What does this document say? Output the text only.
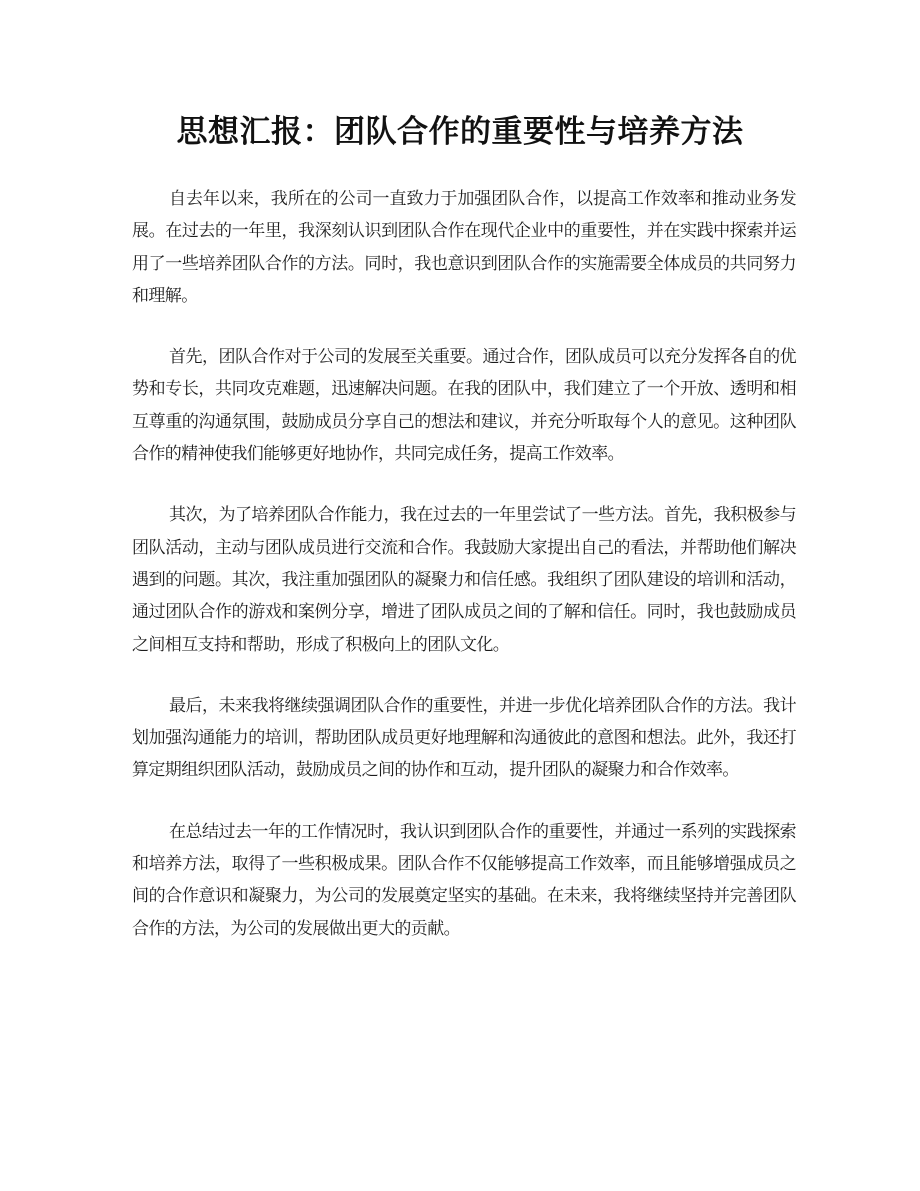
思想汇报：团队合作的重要性与培养方法

自去年以来，我所在的公司一直致力于加强团队合作，以提高工作效率和推动业务发展。在过去的一年里，我深刻认识到团队合作在现代企业中的重要性，并在实践中探索并运用了一些培养团队合作的方法。同时，我也意识到团队合作的实施需要全体成员的共同努力和理解。

首先，团队合作对于公司的发展至关重要。通过合作，团队成员可以充分发挥各自的优势和专长，共同攻克难题，迅速解决问题。在我的团队中，我们建立了一个开放、透明和相互尊重的沟通氛围，鼓励成员分享自己的想法和建议，并充分听取每个人的意见。这种团队合作的精神使我们能够更好地协作，共同完成任务，提高工作效率。

其次，为了培养团队合作能力，我在过去的一年里尝试了一些方法。首先，我积极参与团队活动，主动与团队成员进行交流和合作。我鼓励大家提出自己的看法，并帮助他们解决遇到的问题。其次，我注重加强团队的凝聚力和信任感。我组织了团队建设的培训和活动，通过团队合作的游戏和案例分享，增进了团队成员之间的了解和信任。同时，我也鼓励成员之间相互支持和帮助，形成了积极向上的团队文化。

最后，未来我将继续强调团队合作的重要性，并进一步优化培养团队合作的方法。我计划加强沟通能力的培训，帮助团队成员更好地理解和沟通彼此的意图和想法。此外，我还打算定期组织团队活动，鼓励成员之间的协作和互动，提升团队的凝聚力和合作效率。

在总结过去一年的工作情况时，我认识到团队合作的重要性，并通过一系列的实践探索和培养方法，取得了一些积极成果。团队合作不仅能够提高工作效率，而且能够增强成员之间的合作意识和凝聚力，为公司的发展奠定坚实的基础。在未来，我将继续坚持并完善团队合作的方法，为公司的发展做出更大的贡献。
